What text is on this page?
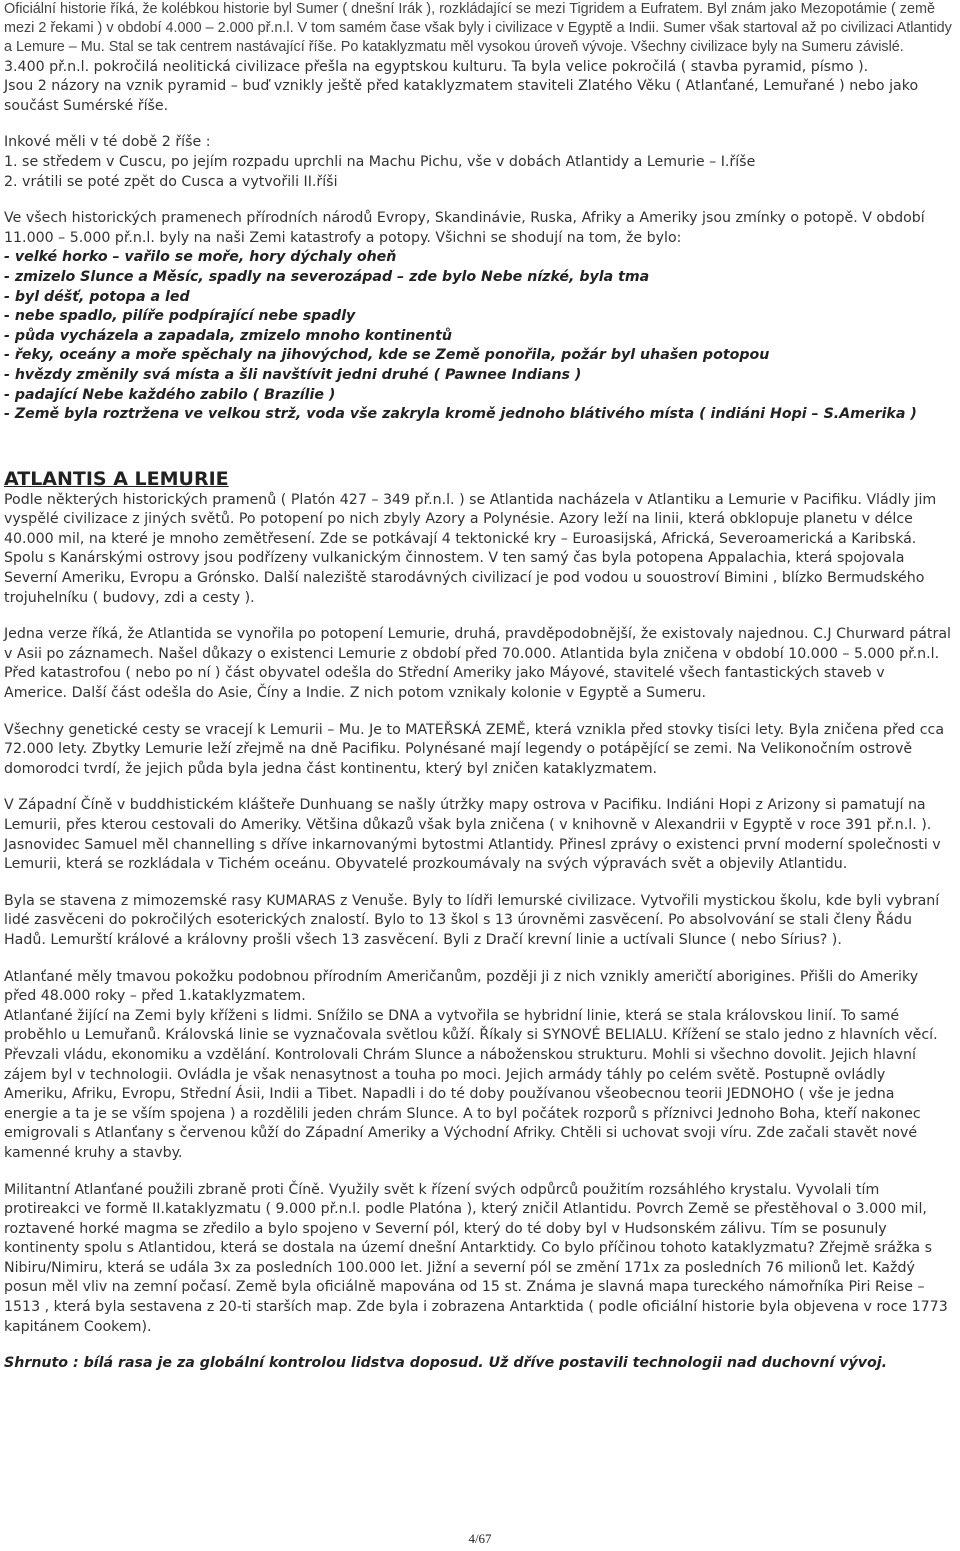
Oficiální historie říká, že kolébkou historie byl Sumer ( dnešní Irák ), rozkládající se mezi Tigridem a Eufratem. Byl znám jako Mezopotámie ( země mezi 2 řekami ) v období 4.000 – 2.000 př.n.l. V tom samém čase však byly i civilizace v Egyptě a Indii. Sumer však startoval až po civilizaci Atlantidy a Lemure – Mu. Stal se tak centrem nastávající říše. Po kataklyzmatu měl vysokou úroveň vývoje. Všechny civilizace byly na Sumeru závislé.

3.400 př.n.l. pokročilá neolitická civilizace přešla na egyptskou kulturu. Ta byla velice pokročilá ( stavba pyramid, písmo ).

Jsou 2 názory na vznik pyramid – buď vznikly ještě před kataklyzmatem staviteli Zlatého Věku ( Atlanťané, Lemuřané ) nebo jako součást Sumérské říše.

Inkové měli v té době 2 říše :

1. se středem v Cuscu, po jejím rozpadu uprchli na Machu Pichu, vše v dobách Atlantidy a Lemurie – I.říše

2. vrátili se poté zpět do Cusca a vytvořili II.říši

Ve všech historických pramenech přírodních národů Evropy, Skandinávie, Ruska, Afriky a Ameriky jsou zmínky o potopě. V období 11.000 – 5.000 př.n.l. byly na naši Zemi katastrofy a potopy. Všichni se shodují na tom, že bylo:

- velké horko – vařilo se moře, hory dýchaly oheň

- zmizelo Slunce a Měsíc, spadly na severozápad – zde bylo Nebe nízké, byla tma

- byl déšť, potopa a led

- nebe spadlo, pilíře podpírající nebe spadly

- půda vycházela a zapadala, zmizelo mnoho kontinentů

- řeky, oceány a moře spěchaly na jihovýchod, kde se Země ponořila, požár byl uhašen potopou

- hvězdy změnily svá místa a šli navštívit jedni druhé ( Pawnee Indians )

- padající Nebe každého zabilo ( Brazílie )

- Země byla roztržena ve velkou strž, voda vše zakryla kromě jednoho blátivého místa ( indiáni Hopi – S.Amerika )

ATLANTIS A LEMURIE

Podle některých historických pramenů ( Platón 427 – 349 př.n.l. ) se Atlantida nacházela v Atlantiku a Lemurie v Pacifiku. Vládly jim vyspělé civilizace z jiných světů. Po potopení po nich zbyly Azory a Polynésie. Azory leží na linii, která obklopuje planetu v délce 40.000 mil, na které je mnoho zemětřesení. Zde se potkávají 4 tektonické kry – Euroasijská, Africká, Severoamerická a Karibská. Spolu s Kanárskými ostrovy jsou podřízeny vulkanickým činnostem. V ten samý čas byla potopena Appalachia, která spojovala Severní Ameriku, Evropu a Grónsko. Další naleziště starodávných civilizací je pod vodou u souostroví Bimini , blízko Bermudského trojuhelníku ( budovy, zdi a cesty ).

Jedna verze říká, že Atlantida se vynořila po potopení Lemurie, druhá, pravděpodobnější, že existovaly najednou. C.J Churward pátral v Asii po záznamech. Našel důkazy o existenci Lemurie z období před 70.000. Atlantida byla zničena v období 10.000 – 5.000 př.n.l. Před katastrofou ( nebo po ní ) část obyvatel odešla do Střední Ameriky jako Máyové, stavitelé všech fantastických staveb v Americe. Další část odešla do Asie, Číny a Indie. Z nich potom vznikaly kolonie v Egyptě a Sumeru.

Všechny genetické cesty se vracejí k Lemurii – Mu. Je to MATEŘSKÁ ZEMĚ, která vznikla před stovky tisíci lety. Byla zničena před cca 72.000 lety. Zbytky Lemurie leží zřejmě na dně Pacifiku. Polynésané mají legendy o potápějící se zemi. Na Velikonočním ostrově domorodci tvrdí, že jejich půda byla jedna část kontinentu, který byl zničen kataklyzmatem.

V Západní Číně v buddhistickém klášteře Dunhuang se našly útržky mapy ostrova v Pacifiku. Indiáni Hopi z Arizony si pamatují na Lemurii, přes kterou cestovali do Ameriky. Většina důkazů však byla zničena ( v knihovně v Alexandrii v Egyptě v roce 391 př.n.l. ). Jasnovidec Samuel měl channelling s dříve inkarnovanými bytostmi Atlantidy. Přinesl zprávy o existenci první moderní společnosti v Lemurii, která se rozkládala v Tichém oceánu. Obyvatelé prozkoumávaly na svých výpravách svět a objevily Atlantidu.

Byla se stavena z mimozemské rasy KUMARAS z Venuše. Byly to lídři lemurské civilizace. Vytvořili mystickou školu, kde byli vybraní lidé zasvěceni do pokročilých esoterických znalostí. Bylo to 13 škol s 13 úrovněmi zasvěcení. Po absolvování se stali členy Řádu Hadů. Lemurští králové a královny prošli všech 13 zasvěcení. Byli z Dračí krevní linie a uctívali Slunce ( nebo Sírius? ).

Atlanťané měly tmavou pokožku podobnou přírodním Američanům, později ji z nich vznikly američtí aborigines. Přišli do Ameriky před 48.000 roky – před 1.kataklyzmatem.

Atlanťané žijící na Zemi byly kříženi s lidmi. Snížilo se DNA a vytvořila se hybridní linie, která se stala královskou linií. To samé proběhlo u Lemuřanů. Královská linie se vyznačovala světlou kůží. Říkaly si SYNOVÉ BELIALU. Křížení se stalo jedno z hlavních věcí. Převzali vládu, ekonomiku a vzdělání. Kontrolovali Chrám Slunce a náboženskou strukturu. Mohli si všechno dovolit. Jejich hlavní zájem byl v technologii. Ovládla je však nenasytnost a touha po moci. Jejich armády táhly po celém světě. Postupně ovládly Ameriku, Afriku, Evropu, Střední Ásii, Indii a Tibet. Napadli i do té doby používanou všeobecnou teorii JEDNOHO ( vše je jedna energie a ta je se vším spojena ) a rozdělili jeden chrám Slunce. A to byl počátek rozporů s příznivci Jednoho Boha, kteří nakonec emigrovali s Atlanťany s červenou kůží do Západní Ameriky a Východní Afriky. Chtěli si uchovat svoji víru. Zde začali stavět nové kamenné kruhy a stavby.

Militantní Atlanťané použili zbraně proti Číně. Využily svět k řízení svých odpůrců použitím rozsáhlého krystalu. Vyvolali tím protireakci ve formě II.kataklyzmatu ( 9.000 př.n.l. podle Platóna ), který zničil Atlantidu. Povrch Země se přestěhoval o 3.000 mil, roztavené horké magma se zředilo a bylo spojeno v Severní pól, který do té doby byl v Hudsonském zálivu. Tím se posunuly kontinenty spolu s Atlantidou, která se dostala na území dnešní Antarktidy. Co bylo příčinou tohoto kataklyzmatu? Zřejmě srážka s Nibiru/Nimiru, která se udála 3x za posledních 100.000 let. Jižní a severní pól se změní 171x za posledních 76 milionů let. Každý posun měl vliv na zemní počasí. Země byla oficiálně mapována od 15 st. Známa je slavná mapa tureckého námořníka Piri Reise – 1513 , která byla sestavena z 20-ti starších map. Zde byla i zobrazena Antarktida ( podle oficiální historie byla objevena v roce 1773 kapitánem Cookem).

Shrnuto : bílá rasa je za globální kontrolou lidstva doposud. Už dříve postavili technologii nad duchovní vývoj.

4/67
